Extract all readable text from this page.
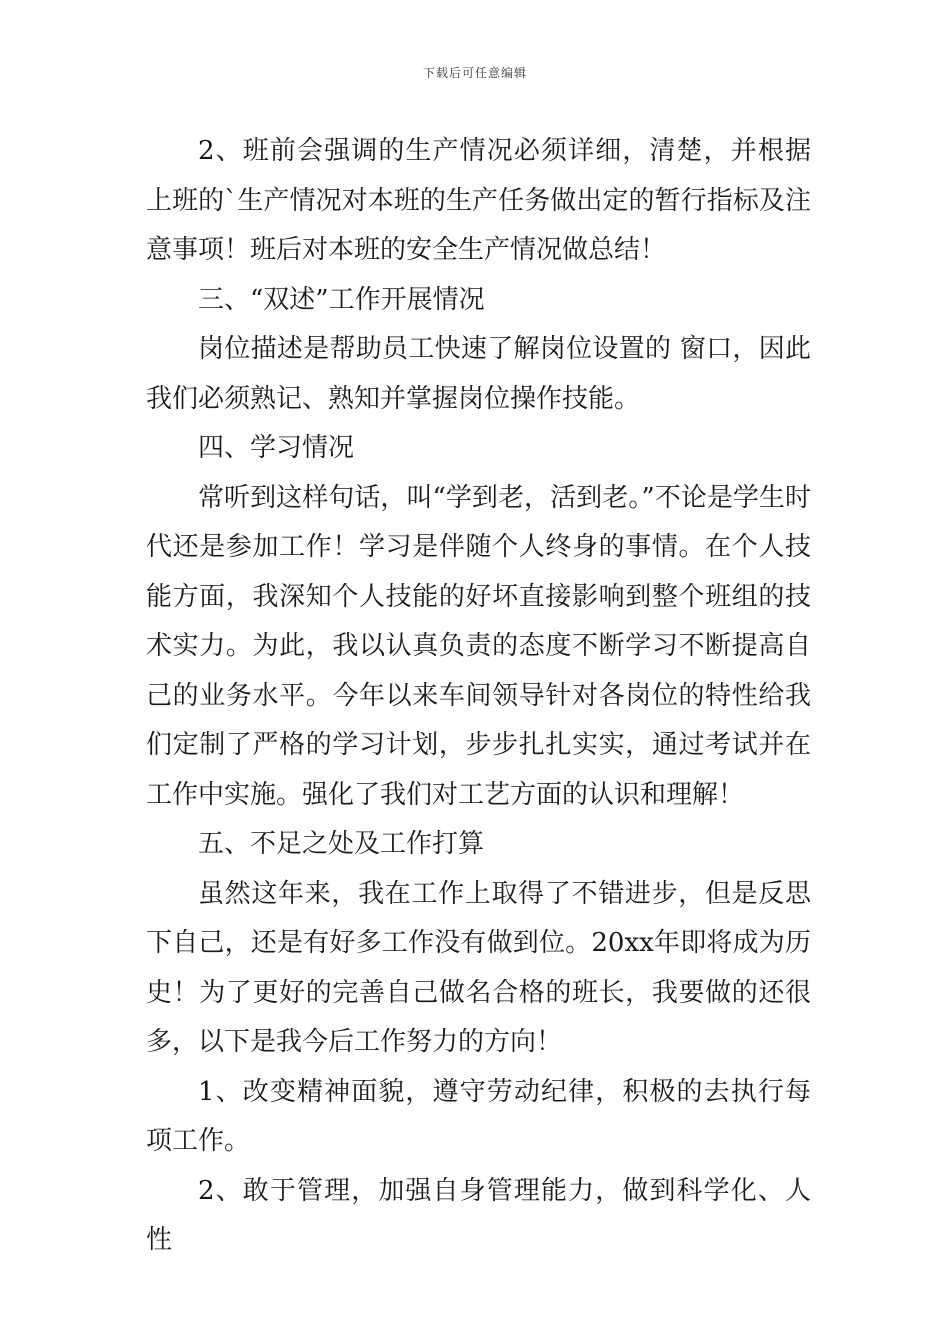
下载后可任意编辑

2、班前会强调的生产情况必须详细，清楚，并根据上班的`生产情况对本班的生产任务做出定的暂行指标及注意事项！班后对本班的安全生产情况做总结！

三、“双述”工作开展情况

岗位描述是帮助员工快速了解岗位设置的 窗口，因此我们必须熟记、熟知并掌握岗位操作技能。

四、学习情况

常听到这样句话，叫“学到老，活到老。”不论是学生时代还是参加工作！学习是伴随个人终身的事情。在个人技能方面，我深知个人技能的好坏直接影响到整个班组的技术实力。为此，我以认真负责的态度不断学习不断提高自己的业务水平。今年以来车间领导针对各岗位的特性给我们定制了严格的学习计划，步步扎扎实实，通过考试并在工作中实施。强化了我们对工艺方面的认识和理解！

五、不足之处及工作打算

虽然这年来，我在工作上取得了不错进步，但是反思下自己，还是有好多工作没有做到位。20xx年即将成为历史！为了更好的完善自己做名合格的班长，我要做的还很多，以下是我今后工作努力的方向！

1、改变精神面貌，遵守劳动纪律，积极的去执行每项工作。

2、敢于管理，加强自身管理能力，做到科学化、人性
